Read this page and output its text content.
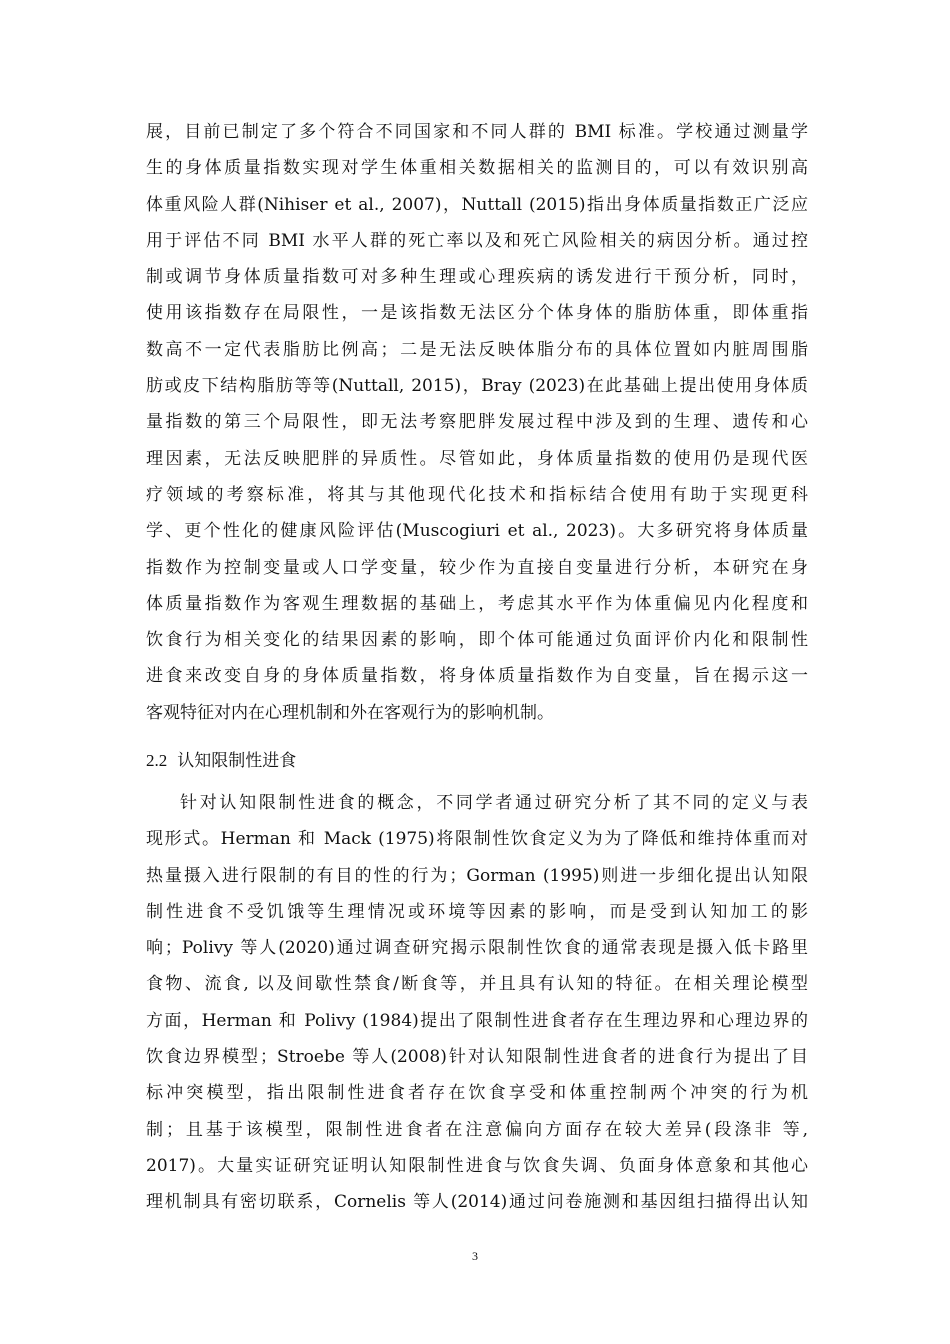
展，目前已制定了多个符合不同国家和不同人群的 BMI 标准。学校通过测量学
生的身体质量指数实现对学生体重相关数据相关的监测目的，可以有效识别高
体重风险人群(Nihiser et al., 2007)，Nuttall (2015)指出身体质量指数正广泛应
用于评估不同 BMI 水平人群的死亡率以及和死亡风险相关的病因分析。通过控
制或调节身体质量指数可对多种生理或心理疾病的诱发进行干预分析，同时，
使用该指数存在局限性，一是该指数无法区分个体身体的脂肪体重，即体重指
数高不一定代表脂肪比例高；二是无法反映体脂分布的具体位置如内脏周围脂
肪或皮下结构脂肪等等(Nuttall, 2015)，Bray (2023)在此基础上提出使用身体质
量指数的第三个局限性，即无法考察肥胖发展过程中涉及到的生理、遗传和心
理因素，无法反映肥胖的异质性。尽管如此，身体质量指数的使用仍是现代医
疗领域的考察标准，将其与其他现代化技术和指标结合使用有助于实现更科
学、更个性化的健康风险评估(Muscogiuri et al., 2023)。大多研究将身体质量
指数作为控制变量或人口学变量，较少作为直接自变量进行分析，本研究在身
体质量指数作为客观生理数据的基础上，考虑其水平作为体重偏见内化程度和
饮食行为相关变化的结果因素的影响，即个体可能通过负面评价内化和限制性
进食来改变自身的身体质量指数，将身体质量指数作为自变量，旨在揭示这一
客观特征对内在心理机制和外在客观行为的影响机制。
2.2 认知限制性进食
针对认知限制性进食的概念，不同学者通过研究分析了其不同的定义与表
现形式。Herman 和 Mack (1975)将限制性饮食定义为为了降低和维持体重而对
热量摄入进行限制的有目的性的行为；Gorman (1995)则进一步细化提出认知限
制性进食不受饥饿等生理情况或环境等因素的影响，而是受到认知加工的影
响；Polivy 等人(2020)通过调查研究揭示限制性饮食的通常表现是摄入低卡路里
食物、流食, 以及间歇性禁食/断食等，并且具有认知的特征。在相关理论模型
方面，Herman 和 Polivy (1984)提出了限制性进食者存在生理边界和心理边界的
饮食边界模型；Stroebe 等人(2008)针对认知限制性进食者的进食行为提出了目
标冲突模型，指出限制性进食者存在饮食享受和体重控制两个冲突的行为机
制；且基于该模型，限制性进食者在注意偏向方面存在较大差异(段涤非 等,
2017)。大量实证研究证明认知限制性进食与饮食失调、负面身体意象和其他心
理机制具有密切联系，Cornelis 等人(2014)通过问卷施测和基因组扫描得出认知
3
